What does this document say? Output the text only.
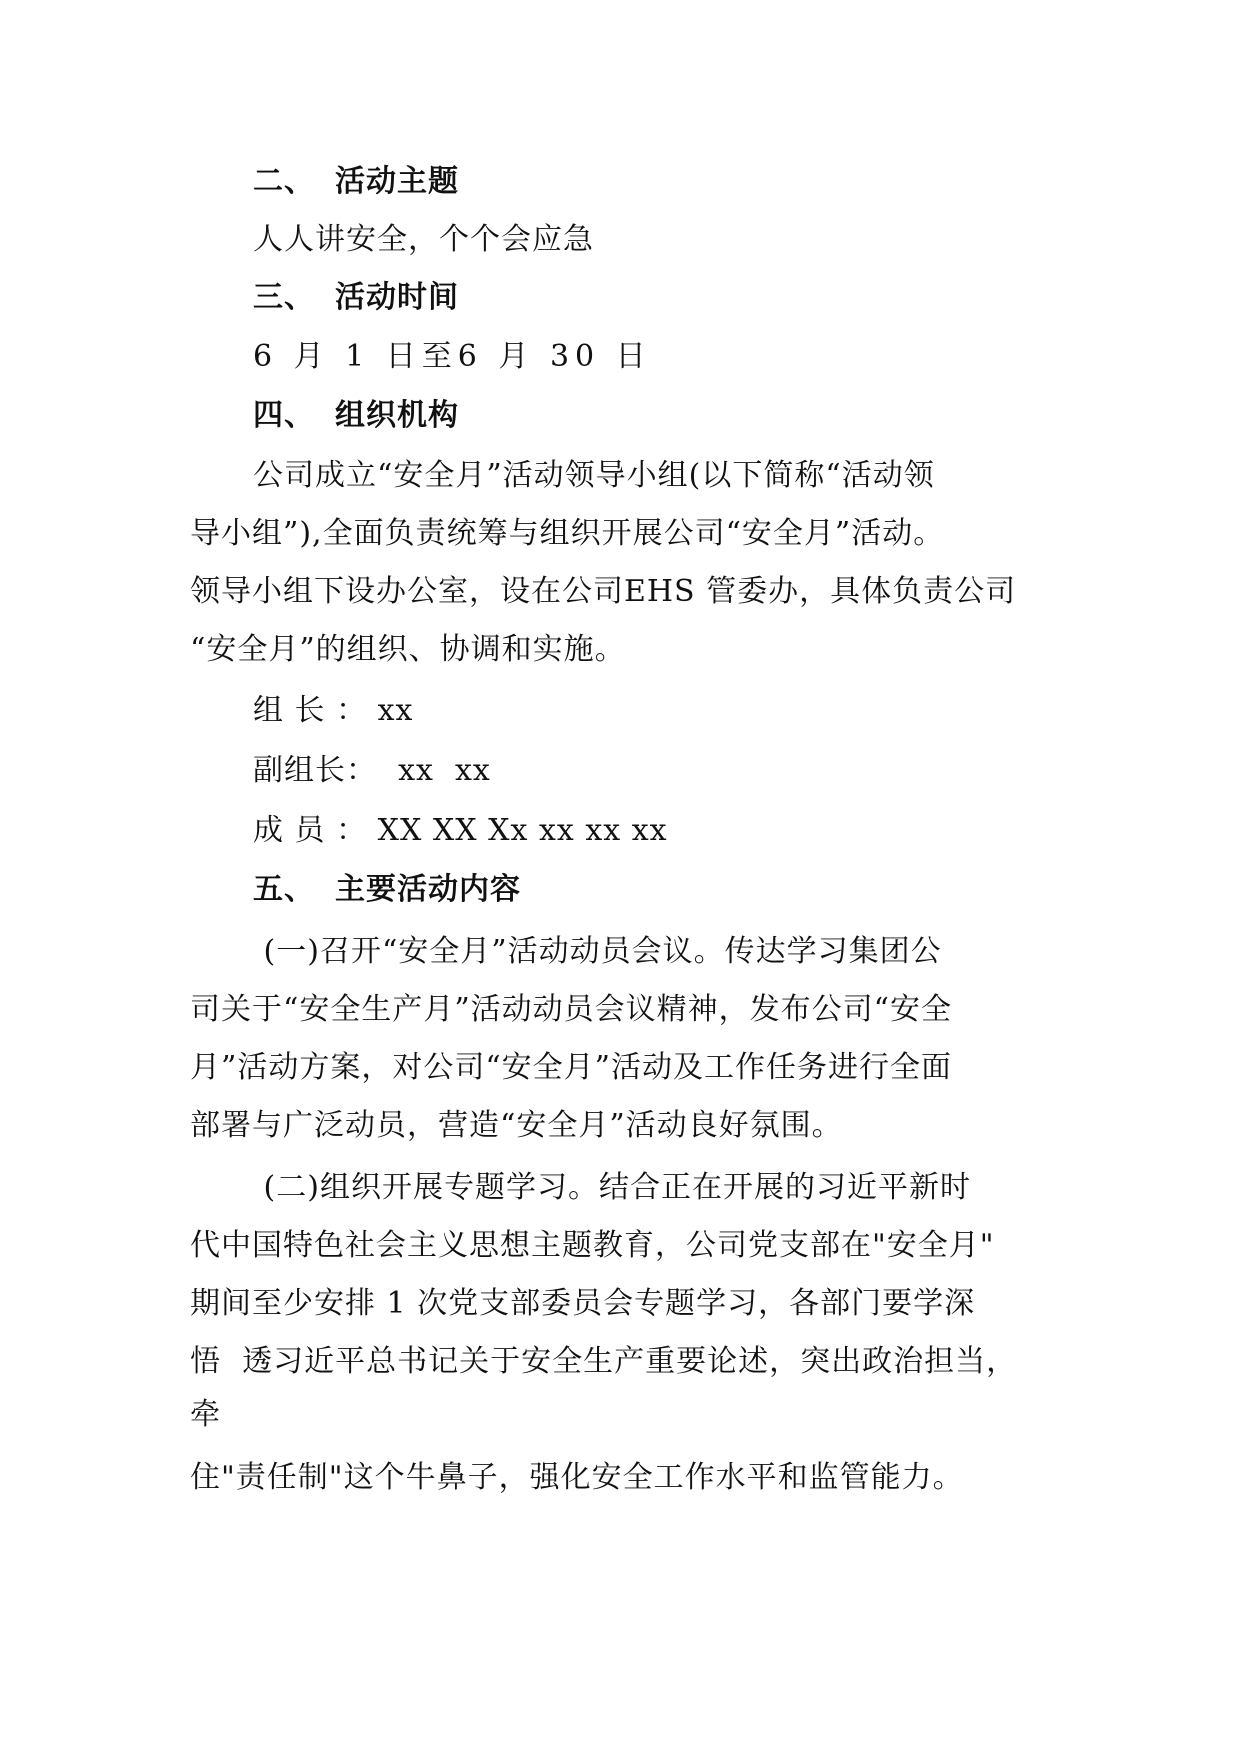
二、 活动主题
人人讲安全，个个会应急
三、 活动时间
6 月 1 日至6 月 30 日
四、 组织机构
公司成立“安全月”活动领导小组(以下简称“活动领
导小组”),全面负责统筹与组织开展公司“安全月”活动。
领导小组下设办公室，设在公司EHS 管委办，具体负责公司
“安全月”的组织、协调和实施。
组 长 ： xx
副组长：  xx  xx
成 员 ： XX XX Xx xx xx xx
五、 主要活动内容
(一)召开“安全月”活动动员会议。传达学习集团公
司关于“安全生产月”活动动员会议精神，发布公司“安全
月”活动方案，对公司“安全月”活动及工作任务进行全面
部署与广泛动员，营造“安全月”活动良好氛围。
(二)组织开展专题学习。结合正在开展的习近平新时
代中国特色社会主义思想主题教育，公司党支部在"安全月"
期间至少安排 1 次党支部委员会专题学习，各部门要学深
悟  透习近平总书记关于安全生产重要论述，突出政治担当，
牵
住"责任制"这个牛鼻子，强化安全工作水平和监管能力。
